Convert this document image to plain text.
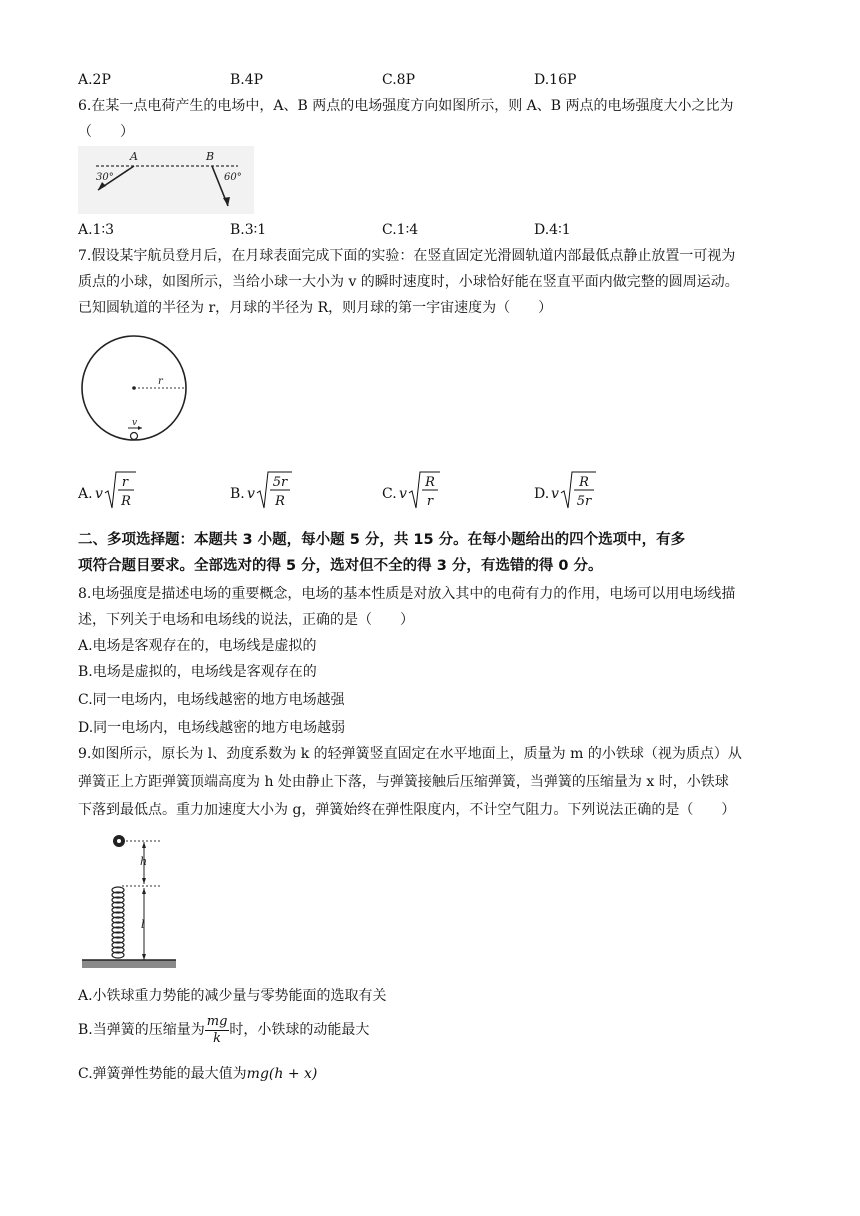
A.2P	B.4P	C.8P	D.16P
6.在某一点电荷产生的电场中，A、B 两点的电场强度方向如图所示，则 A、B 两点的电场强度大小之比为
（　　）
30°
A	B
60°
A.1∶3	B.3∶1	C.1∶4	D.4∶1
7.假设某宇航员登月后，在月球表面完成下面的实验：在竖直固定光滑圆轨道内部最低点静止放置一可视为
质点的小球，如图所示，当给小球一大小为 v 的瞬时速度时，小球恰好能在竖直平面内做完整的圆周运动。
已知圆轨道的半径为 r，月球的半径为 R，则月球的第一宇宙速度为（　　）
r
v
A. v
r
R	B. v
5r
R	C. v
R
r	D. v
R
5r
二、多项选择题：本题共 3 小题，每小题 5 分，共 15 分。在每小题给出的四个选项中，有多
项符合题目要求。全部选对的得 5 分，选对但不全的得 3 分，有选错的得 0 分。
8.电场强度是描述电场的重要概念，电场的基本性质是对放入其中的电荷有力的作用，电场可以用电场线描
述，下列关于电场和电场线的说法，正确的是（　　）
A.电场是客观存在的，电场线是虚拟的
B.电场是虚拟的，电场线是客观存在的
C.同一电场内，电场线越密的地方电场越强
D.同一电场内，电场线越密的地方电场越弱
9.如图所示，原长为 l、劲度系数为 k 的轻弹簧竖直固定在水平地面上，质量为 m 的小铁球（视为质点）从
弹簧正上方距弹簧顶端高度为 h 处由静止下落，与弹簧接触后压缩弹簧，当弹簧的压缩量为 x 时，小铁球
下落到最低点。重力加速度大小为 g，弹簧始终在弹性限度内，不计空气阻力。下列说法正确的是（　　）
h
l
A.小铁球重力势能的减少量与零势能面的选取有关
B.当弹簧的压缩量为 $\frac{mg}{k}$ 时，小铁球的动能最大
C.弹簧弹性势能的最大值为mg(h + x)
